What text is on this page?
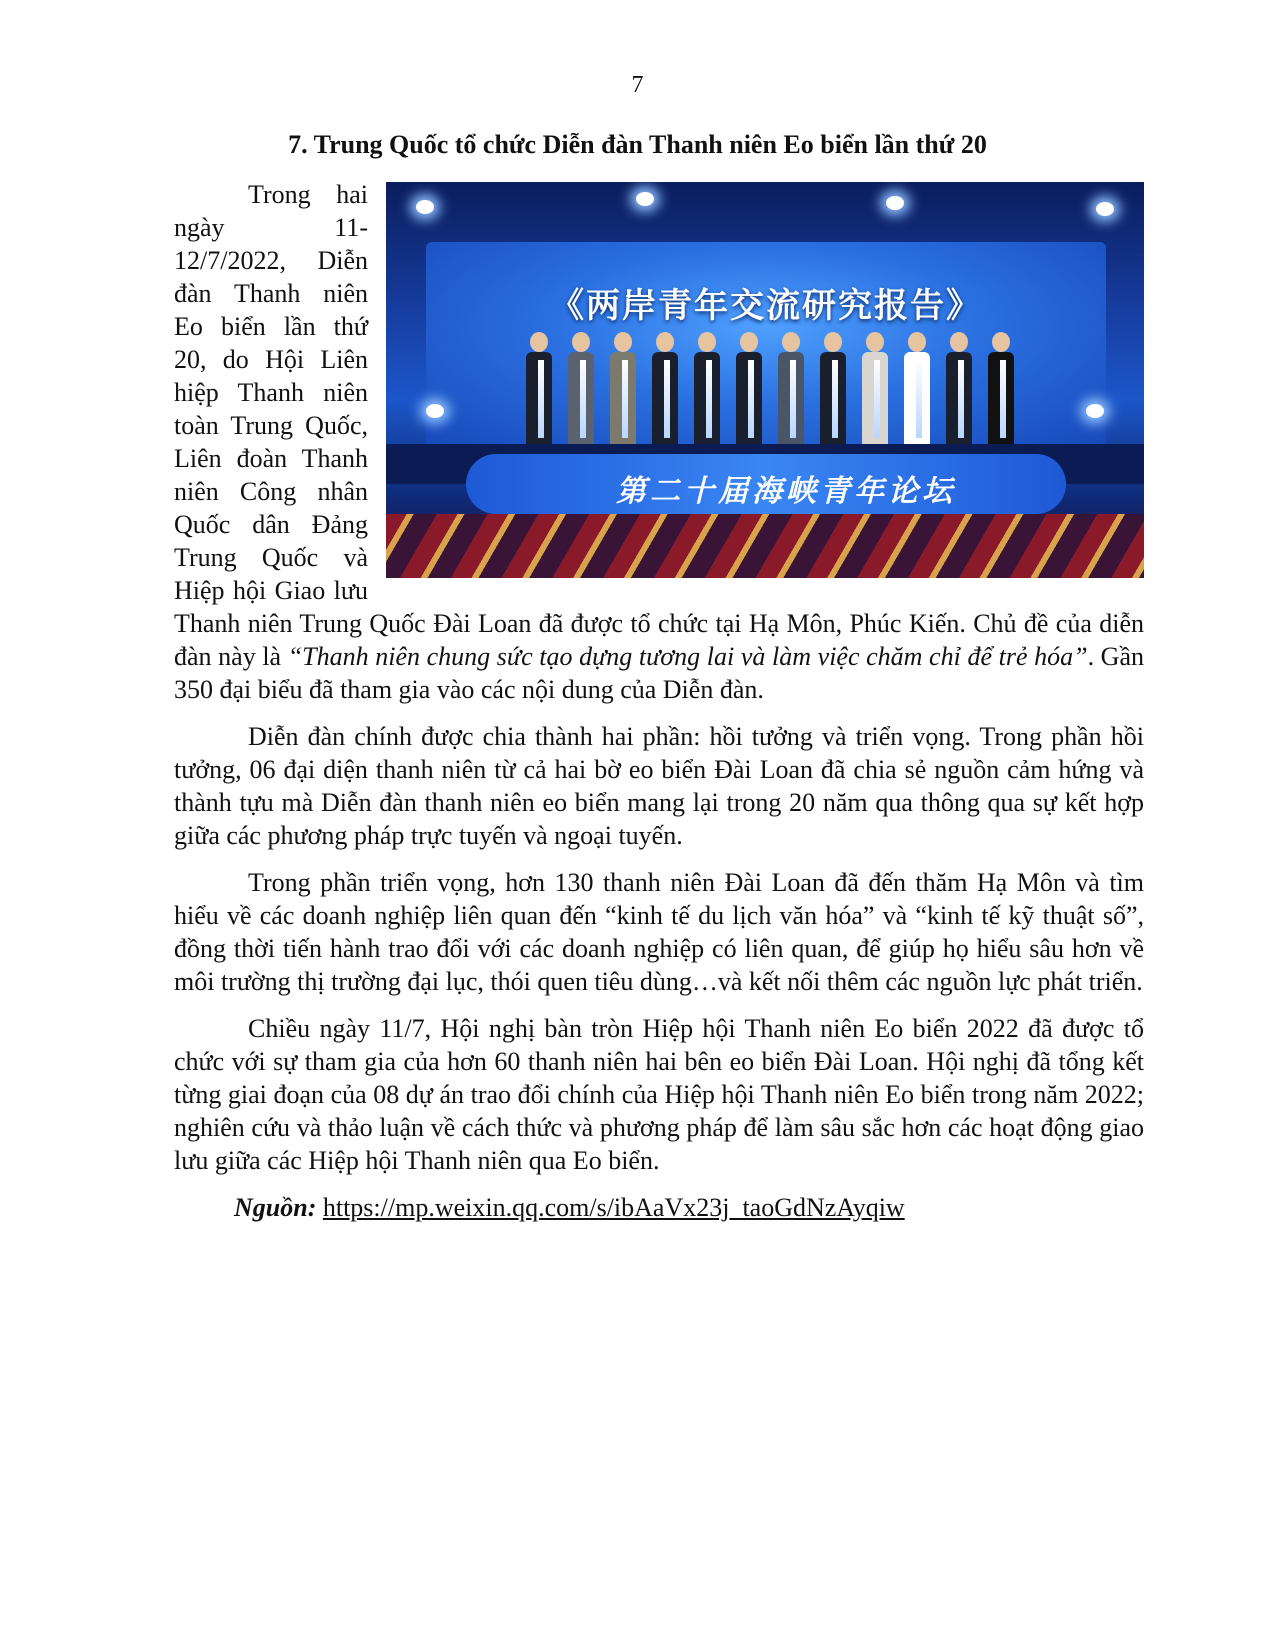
7
7. Trung Quốc tổ chức Diễn đàn Thanh niên Eo biển lần thứ 20
《两岸青年交流研究报告》
第二十届海峡青年论坛

Trong hai ngày 11-12/7/2022, Diễn đàn Thanh niên Eo biển lần thứ 20, do Hội Liên hiệp Thanh niên toàn Trung Quốc, Liên đoàn Thanh niên Công nhân Quốc dân Đảng Trung Quốc và Hiệp hội Giao lưu Thanh niên Trung Quốc Đài Loan đã được tổ chức tại Hạ Môn, Phúc Kiến. Chủ đề của diễn đàn này là “Thanh niên chung sức tạo dựng tương lai và làm việc chăm chỉ để trẻ hóa”. Gần 350 đại biểu đã tham gia vào các nội dung của Diễn đàn.

Diễn đàn chính được chia thành hai phần: hồi tưởng và triển vọng. Trong phần hồi tưởng, 06 đại diện thanh niên từ cả hai bờ eo biển Đài Loan đã chia sẻ nguồn cảm hứng và thành tựu mà Diễn đàn thanh niên eo biển mang lại trong 20 năm qua thông qua sự kết hợp giữa các phương pháp trực tuyến và ngoại tuyến.

Trong phần triển vọng, hơn 130 thanh niên Đài Loan đã đến thăm Hạ Môn và tìm hiểu về các doanh nghiệp liên quan đến “kinh tế du lịch văn hóa” và “kinh tế kỹ thuật số”, đồng thời tiến hành trao đổi với các doanh nghiệp có liên quan, để giúp họ hiểu sâu hơn về môi trường thị trường đại lục, thói quen tiêu dùng…và kết nối thêm các nguồn lực phát triển.

Chiều ngày 11/7, Hội nghị bàn tròn Hiệp hội Thanh niên Eo biển 2022 đã được tổ chức với sự tham gia của hơn 60 thanh niên hai bên eo biển Đài Loan. Hội nghị đã tổng kết từng giai đoạn của 08 dự án trao đổi chính của Hiệp hội Thanh niên Eo biển trong năm 2022; nghiên cứu và thảo luận về cách thức và phương pháp để làm sâu sắc hơn các hoạt động giao lưu giữa các Hiệp hội Thanh niên qua Eo biển.

Nguồn: https://mp.weixin.qq.com/s/ibAaVx23j_taoGdNzAyqiw
